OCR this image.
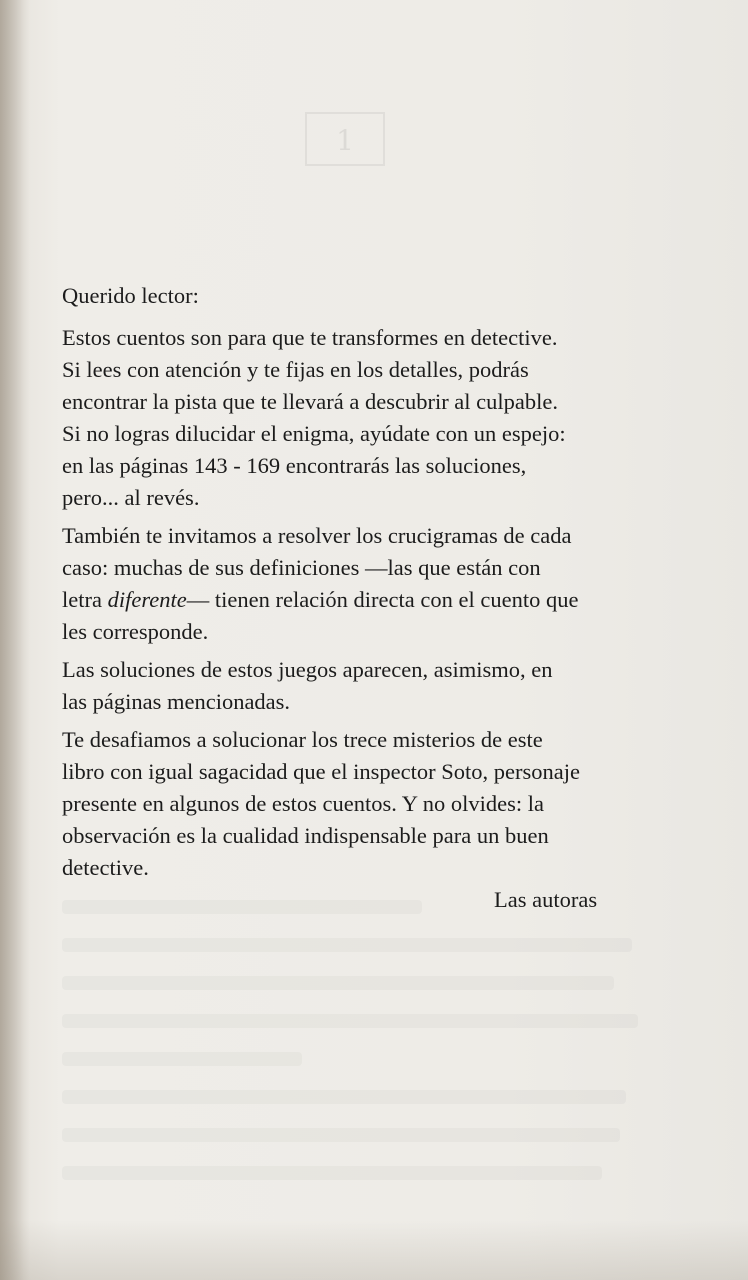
1
Querido lector:
Estos cuentos son para que te transformes en detective.
Si lees con atención y te fijas en los detalles, podrás
encontrar la pista que te llevará a descubrir al culpable.
Si no logras dilucidar el enigma, ayúdate con un espejo:
en las páginas 143 - 169 encontrarás las soluciones,
pero... al revés.
También te invitamos a resolver los crucigramas de cada
caso: muchas de sus definiciones —las que están con
letra diferente— tienen relación directa con el cuento que
les corresponde.
Las soluciones de estos juegos aparecen, asimismo, en
las páginas mencionadas.
Te desafiamos a solucionar los trece misterios de este
libro con igual sagacidad que el inspector Soto, personaje
presente en algunos de estos cuentos. Y no olvides: la
observación es la cualidad indispensable para un buen
detective.
Las autoras
